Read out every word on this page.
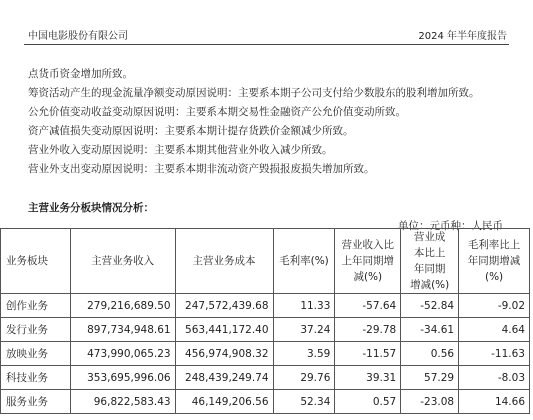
中国电影股份有限公司	2024 年半年度报告
点货币资金增加所致。
筹资活动产生的现金流量净额变动原因说明：主要系本期子公司支付给少数股东的股利增加所致。
公允价值变动收益变动原因说明：主要系本期交易性金融资产公允价值变动所致。
资产减值损失变动原因说明：主要系本期计提存货跌价金额减少所致。
营业外收入变动原因说明：主要系本期其他营业外收入减少所致。
营业外支出变动原因说明：主要系本期非流动资产毁损报废损失增加所致。
主营业务分板块情况分析：
单位：元币种：人民币
业务板块	主营业务收入	主营业务成本	毛利率(%)	营业收入比上年同期增减(%)	营业成本比上年同期增减(%)	毛利率比上年同期增减(%)
创作业务	279,216,689.50	247,572,439.68	11.33	-57.64	-52.84	-9.02
发行业务	897,734,948.61	563,441,172.40	37.24	-29.78	-34.61	4.64
放映业务	473,990,065.23	456,974,908.32	3.59	-11.57	0.56	-11.63
科技业务	353,695,996.06	248,439,249.74	29.76	39.31	57.29	-8.03
服务业务	96,822,583.43	46,149,206.56	52.34	0.57	-23.08	14.66
